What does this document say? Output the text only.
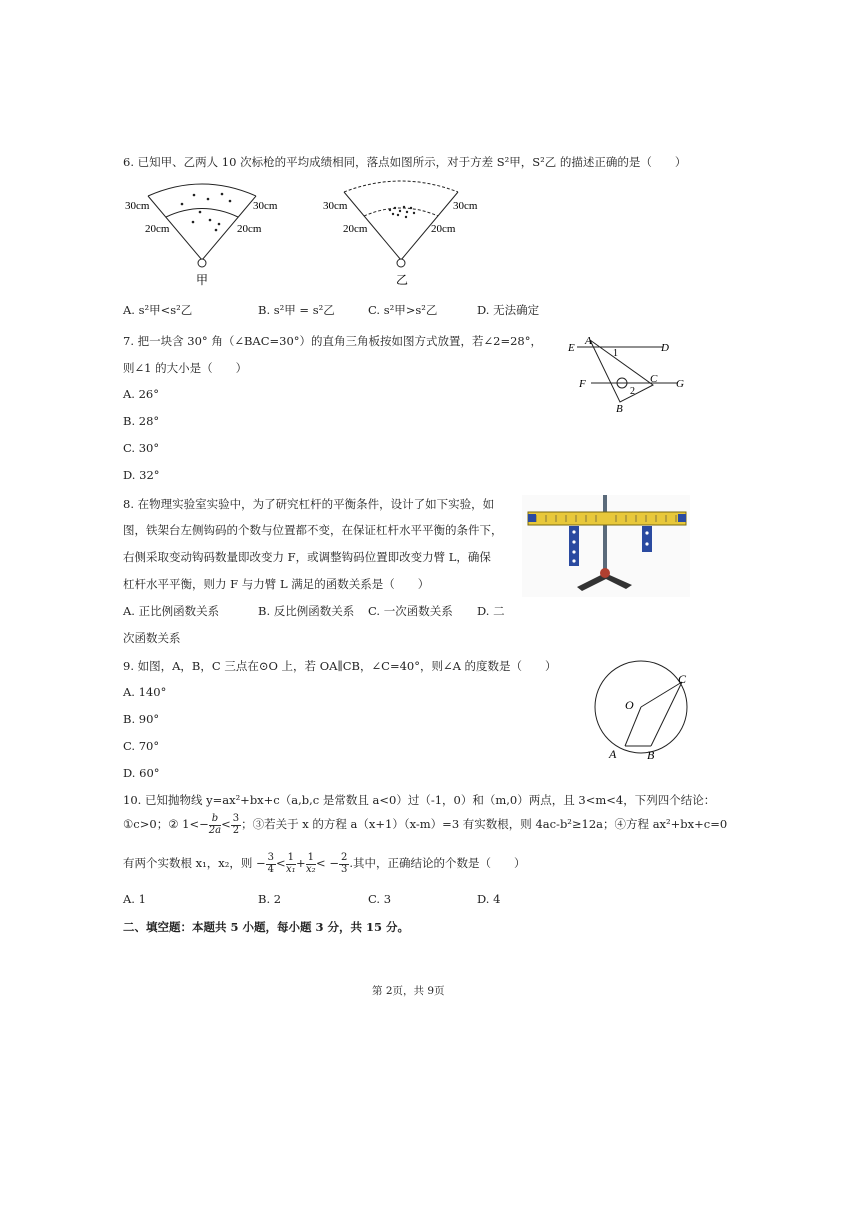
6. 已知甲、乙两人 10 次标枪的平均成绩相同，落点如图所示，对于方差 S²甲，S²乙 的描述正确的是（　　）
30cm	30cm
20cm	20cm
甲
30cm	30cm
20cm	20cm
乙
A. s²甲<s²乙	B. s²甲 = s²乙	C. s²甲>s²乙	D. 无法确定
7. 把一块含 30° 角（∠BAC=30°）的直角三角板按如图方式放置，若∠2=28°，
则∠1 的大小是（　　）
A. 26°
B. 28°
C. 30°
D. 32°
A
E	D
1
F	C G
2
B
8. 在物理实验室实验中，为了研究杠杆的平衡条件，设计了如下实验，如
图，铁架台左侧钩码的个数与位置都不变，在保证杠杆水平平衡的条件下，
右侧采取变动钩码数量即改变力 F，或调整钩码位置即改变力臂 L，确保
杠杆水平平衡，则力 F 与力臂 L 满足的函数关系是（　　）
A. 正比例函数关系	B. 反比例函数关系 C. 一次函数关系 D. 二
次函数关系
9. 如图，A，B，C 三点在⊙O 上，若 OA∥CB，∠C=40°，则∠A 的度数是（　　）
A. 140°
B. 90°
C. 70°
D. 60°
O
A	B
C
10. 已知抛物线 y=ax²+bx+c（a,b,c 是常数且 a<0）过（-1，0）和（m,0）两点，且 3<m<4，下列四个结论：
①c>0；② $1<- \frac{b}{2a} < \frac{3}{2}$ ；③若关于 x 的方程 a（x+1）（x-m）=3 有实数根，则 4ac-b²≥12a；④方程 ax²+bx+c=0
有两个实数根 x₁，x₂，则 − $\frac{3}{4} < \frac{1}{\text{x₁}} + \frac{1}{\text{x₂}}$ < − $\frac{2}{3}$ .其中，正确结论的个数是（　　）
A. 1	B. 2	C. 3	D. 4
二、填空题：本题共 5 小题，每小题 3 分，共 15 分。
第 2页，共 9页
